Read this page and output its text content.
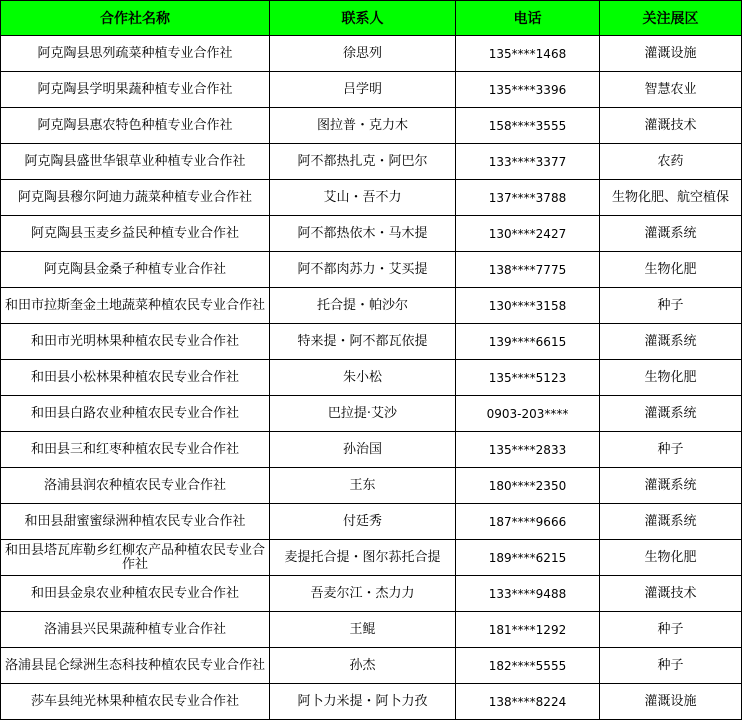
合作社名称	联系人	电话	关注展区
阿克陶县思列疏菜种植专业合作社	徐思列	135****1468	灌溉设施
阿克陶县学明果蔬种植专业合作社	吕学明	135****3396	智慧农业
阿克陶县惠农特色种植专业合作社	图拉普・克力木	158****3555	灌溉技术
阿克陶县盛世华银草业种植专业合作社	阿不都热扎克・阿巴尔	133****3377	农药
阿克陶县穆尔阿迪力蔬菜种植专业合作社	艾山・吾不力	137****3788	生物化肥、航空植保
阿克陶县玉麦乡益民种植专业合作社	阿不都热依木・马木提	130****2427	灌溉系统
阿克陶县金桑子种植专业合作社	阿不都肉苏力・艾买提	138****7775	生物化肥
和田市拉斯奎金土地蔬菜种植农民专业合作社	托合提・帕沙尔	130****3158	种子
和田市光明林果种植农民专业合作社	特来提・阿不都瓦依提	139****6615	灌溉系统
和田县小松林果种植农民专业合作社	朱小松	135****5123	生物化肥
和田县白路农业种植农民专业合作社	巴拉提·艾沙	0903-203****	灌溉系统
和田县三和红枣种植农民专业合作社	孙治国	135****2833	种子
洛浦县润农种植农民专业合作社	王东	180****2350	灌溉系统
和田县甜蜜蜜绿洲种植农民专业合作社	付廷秀	187****9666	灌溉系统
和田县塔瓦库勒乡红柳农产品种植农民专业合作社	麦提托合提・图尔荪托合提	189****6215	生物化肥
和田县金泉农业种植农民专业合作社	吾麦尔江・杰力力	133****9488	灌溉技术
洛浦县兴民果蔬种植专业合作社	王鲲	181****1292	种子
洛浦县昆仑绿洲生态科技种植农民专业合作社	孙杰	182****5555	种子
莎车县纯光林果种植农民专业合作社	阿卜力米提・阿卜力孜	138****8224	灌溉设施
